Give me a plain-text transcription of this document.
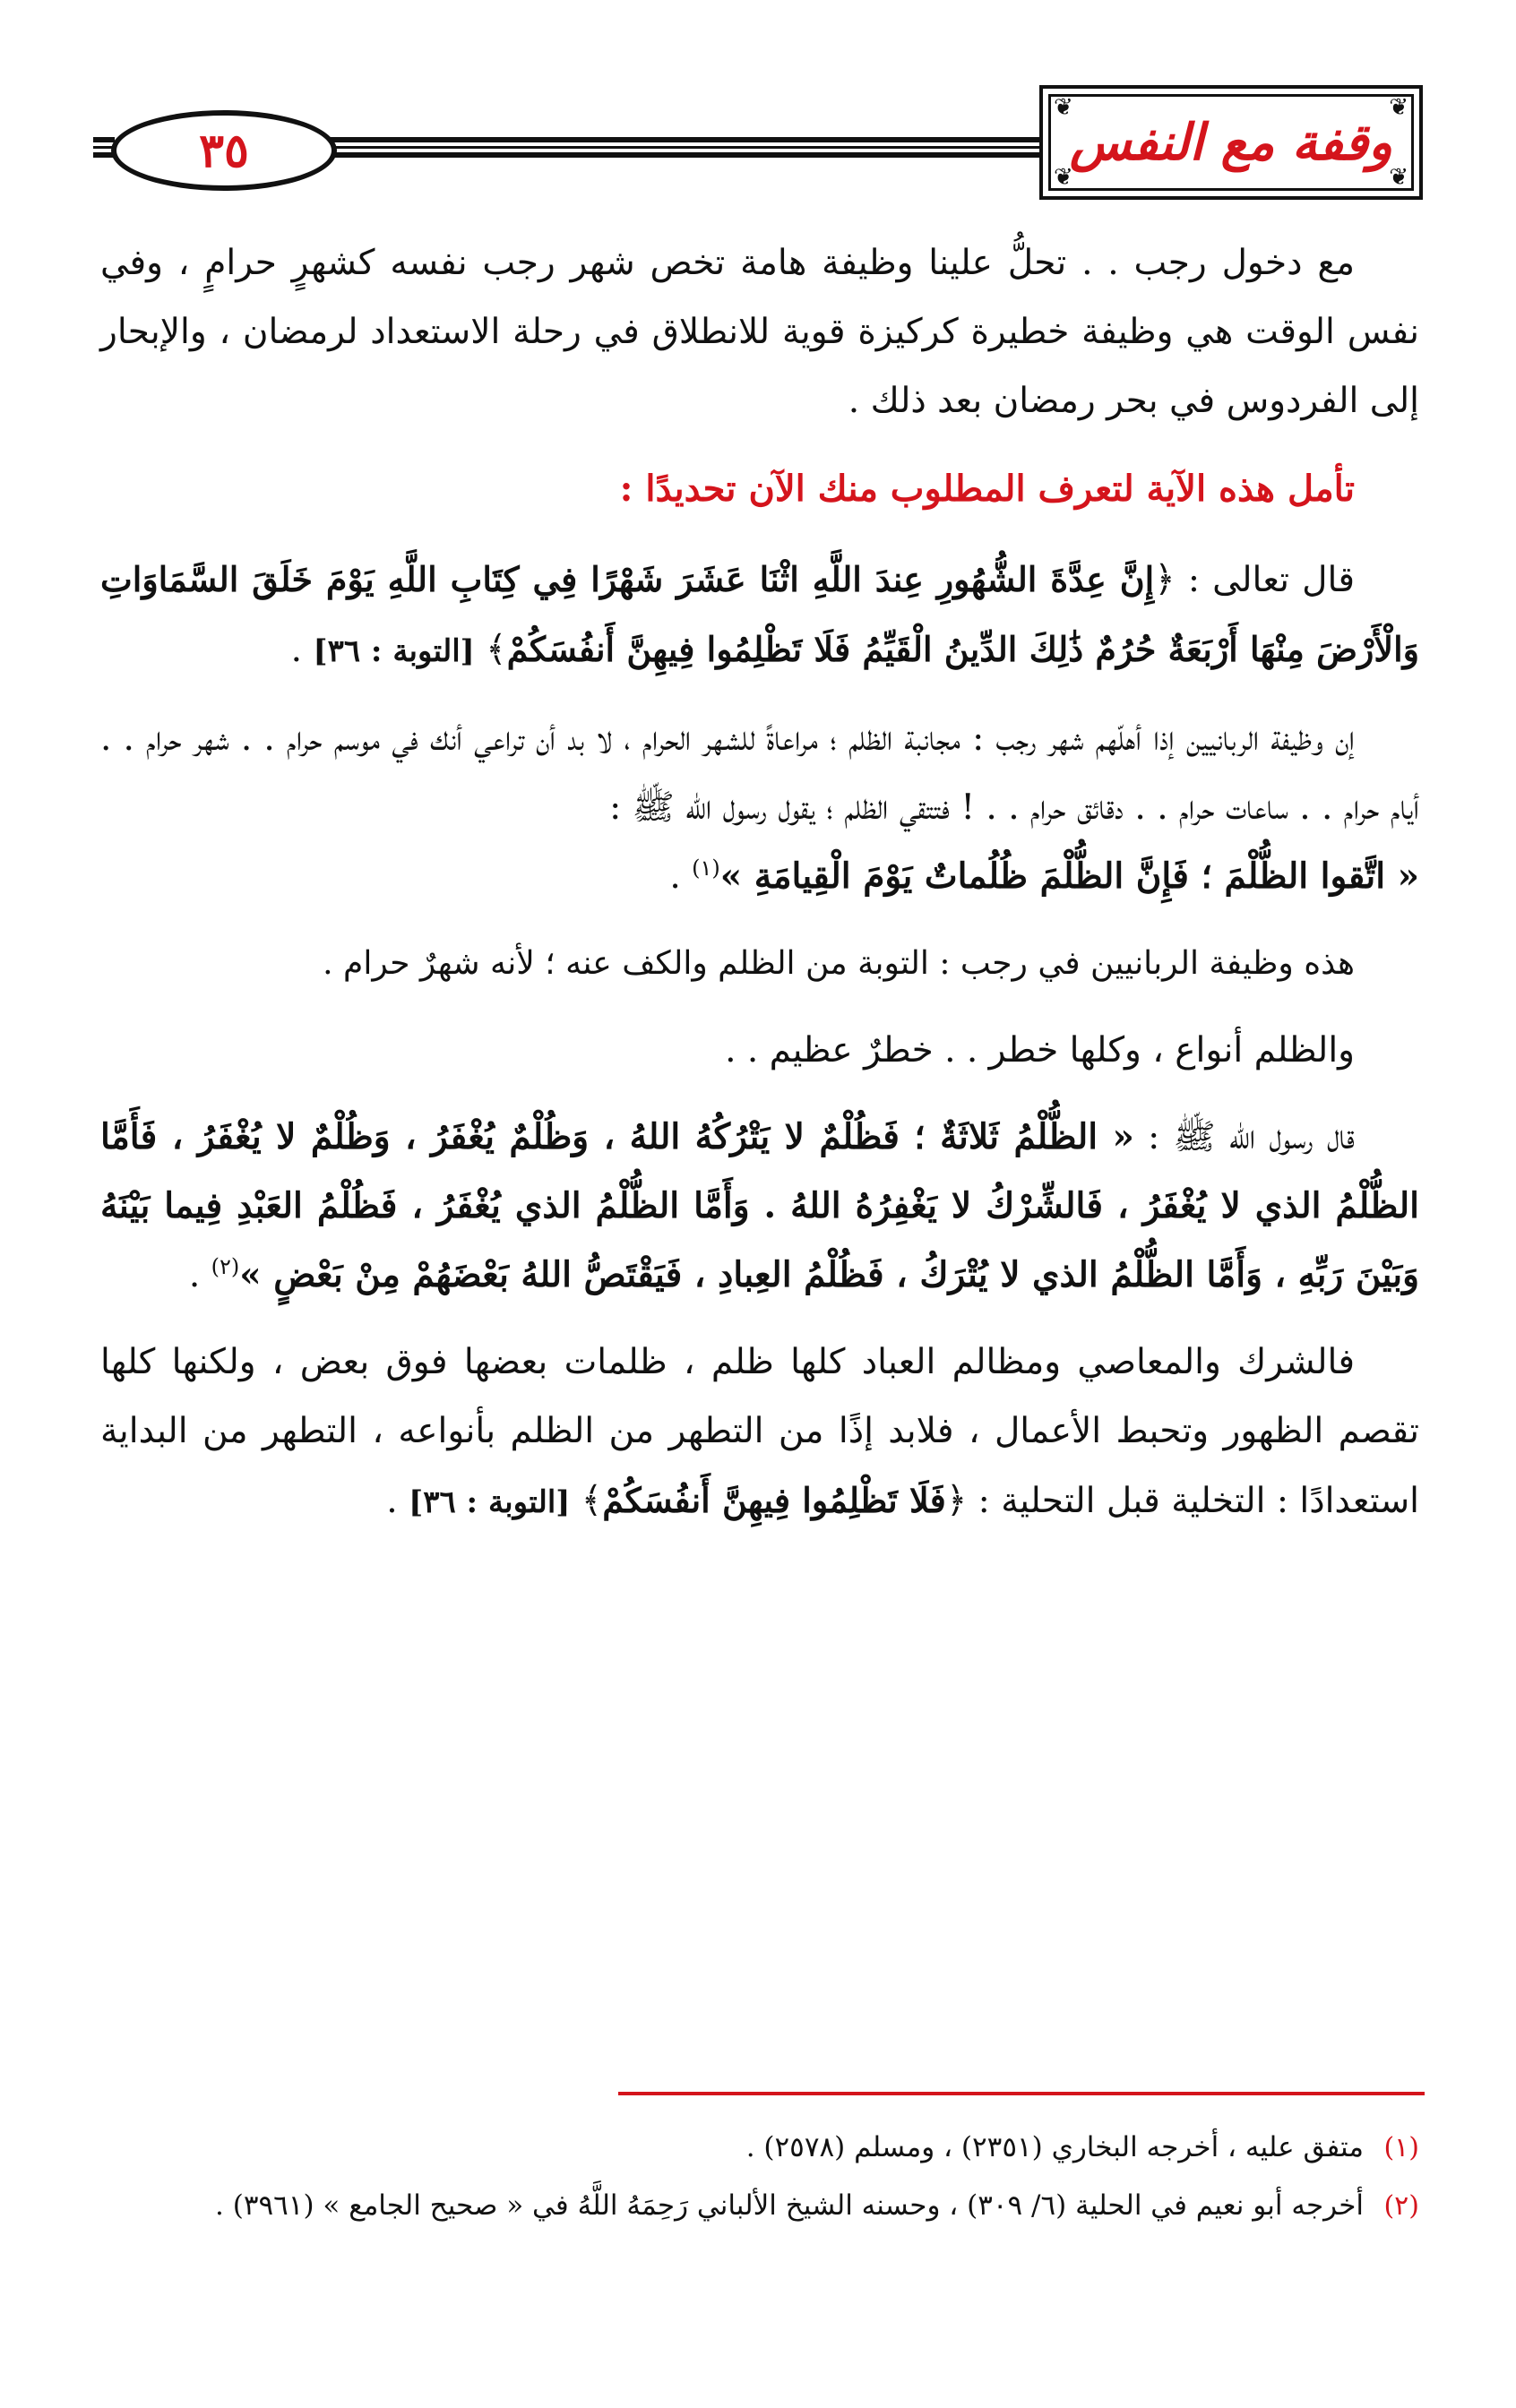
٣٥
❦	❦
❦	❦
وقفة مع النفس

مع دخول رجب . . تحلُّ علينا وظيفة هامة تخص شهر رجب نفسه كشهرٍ حرامٍ ، وفي نفس الوقت هي وظيفة خطيرة كركيزة قوية للانطلاق في رحلة الاستعداد لرمضان ، والإبحار إلى الفردوس في بحر رمضان بعد ذلك .

تأمل هذه الآية لتعرف المطلوب منك الآن تحديدًا :

قال تعالى : ﴿إِنَّ عِدَّةَ الشُّهُورِ عِندَ اللَّهِ اثْنَا عَشَرَ شَهْرًا فِي كِتَابِ اللَّهِ يَوْمَ خَلَقَ السَّمَاوَاتِ وَالْأَرْضَ مِنْهَا أَرْبَعَةٌ حُرُمٌ ذَٰلِكَ الدِّينُ الْقَيِّمُ فَلَا تَظْلِمُوا فِيهِنَّ أَنفُسَكُمْ﴾ [التوبة : ٣٦] .

إن وظيفة الربانيين إذا أهلّهم شهر رجب : مجانبة الظلم ؛ مراعاةً للشهر الحرام ، لا بد أن تراعي أنك في موسم حرام . . شهر حرام . . أيام حرام . . ساعات حرام . . دقائق حرام . . ! فتتقي الظلم ؛ يقول رسول الله ﷺ :
« اتَّقوا الظُّلْمَ ؛ فَإِنَّ الظُّلْمَ ظُلُماتٌ يَوْمَ الْقِيامَةِ »$^{(١)}$ .

هذه وظيفة الربانيين في رجب : التوبة من الظلم والكف عنه ؛ لأنه شهرٌ حرام .

والظلم أنواع ، وكلها خطر . . خطرٌ عظيم . .

قال رسول الله ﷺ : « الظُّلْمُ ثَلاثَةٌ ؛ فَظُلْمٌ لا يَتْرُكُهُ اللهُ ، وَظُلْمٌ يُغْفَرُ ، وَظُلْمٌ لا يُغْفَرُ ، فَأَمَّا الظُّلْمُ الذي لا يُغْفَرُ ، فَالشِّرْكُ لا يَغْفِرُهُ اللهُ . وَأَمَّا الظُّلْمُ الذي يُغْفَرُ ، فَظُلْمُ العَبْدِ فِيما بَيْنَهُ وَبَيْنَ رَبِّهِ ، وَأَمَّا الظُّلْمُ الذي لا يُتْرَكُ ، فَظُلْمُ العِبادِ ، فَيَقْتَصُّ اللهُ بَعْضَهُمْ مِنْ بَعْضٍ »$^{(٢)}$ .

فالشرك والمعاصي ومظالم العباد كلها ظلم ، ظلمات بعضها فوق بعض ، ولكنها كلها تقصم الظهور وتحبط الأعمال ، فلابد إذًا من التطهر من الظلم بأنواعه ، التطهر من البداية استعدادًا : التخلية قبل التحلية : ﴿فَلَا تَظْلِمُوا فِيهِنَّ أَنفُسَكُمْ﴾ [التوبة : ٣٦] .

(١)
متفق عليه ، أخرجه البخاري (٢٣٥١) ، ومسلم (٢٥٧٨) .
(٢)
أخرجه أبو نعيم في الحلية (٦/ ٣٠٩) ، وحسنه الشيخ الألباني رَحِمَهُ اللَّهُ في « صحيح الجامع » (٣٩٦١) .
